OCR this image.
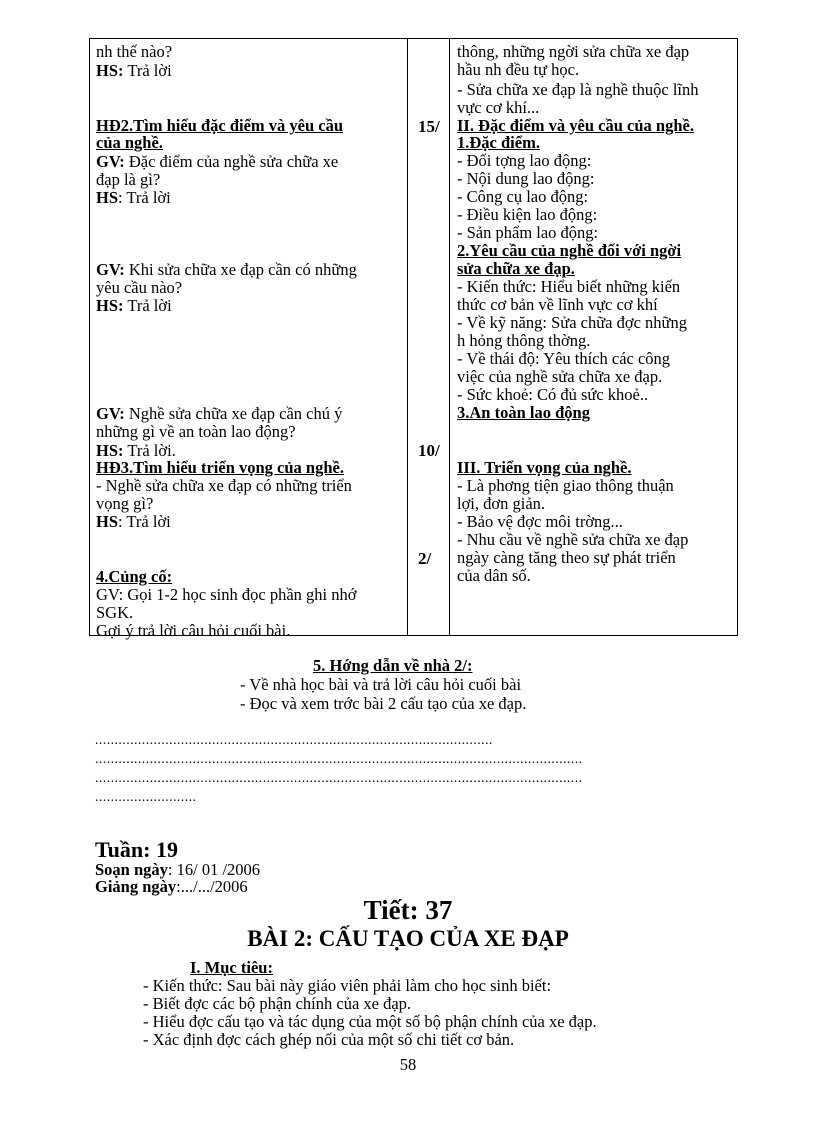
nh thế nào?
HS: Trả lời
HĐ2.Tìm hiểu đặc điểm và yêu cầu
của nghề.
GV: Đặc điểm của nghề sửa chữa xe
đạp là gì?
HS: Trả lời
GV: Khi sửa chữa xe đạp cần có những
yêu cầu nào?
HS: Trả lời
GV: Nghề sửa chữa xe đạp cần chú ý
những gì về an toàn lao động?
HS: Trả lời.
HĐ3.Tìm hiểu triển vọng của nghề.
- Nghề sửa chữa xe đạp có những triển
vọng gì?
HS: Trả lời
4.Củng cố:
GV: Gọi 1-2 học sinh đọc phần ghi nhớ
SGK.
Gợi ý trả lời câu hỏi cuối bài.
15/
10/
2/
thông, những ngời sửa chữa xe đạp
hầu nh đều tự học.
- Sửa chữa xe đạp là nghề thuộc lĩnh
vực cơ khí...
II. Đặc điểm và yêu cầu của nghề.
1.Đặc điểm.
- Đối tợng lao động:
- Nội dung lao động:
- Công cụ lao động:
- Điều kiện lao động:
- Sản phẩm lao động:
2.Yêu cầu của nghề đối với ngời
sửa chữa xe đạp.
- Kiến thức: Hiểu biết những kiến
thức cơ bản về lĩnh vực cơ khí
- Về kỹ năng: Sửa chữa đợc những
h hỏng thông thờng.
- Về thái độ: Yêu thích các công
việc của nghề sửa chữa xe đạp.
- Sức khoẻ: Có đủ sức khoẻ..
3.An toàn lao động
III. Triển vọng của nghề.
- Là phơng tiện giao thông thuận
lợi, đơn giản.
- Bảo vệ đợc môi trờng...
- Nhu cầu về nghề sửa chữa xe đạp
ngày càng tăng theo sự phát triển
của dân số.
5. Hớng dẫn về nhà 2/:
- Về nhà học bài và trả lời câu hỏi cuối bài
- Đọc và xem trớc bài 2 cấu tạo của xe đạp.
......................................................................................................
.............................................................................................................................
.............................................................................................................................
..........................
Tuần: 19
Soạn ngày: 16/ 01 /2006
Giảng ngày:.../.../2006
Tiết: 37
BÀI 2: CẤU TẠO CỦA XE ĐẠP
I. Mục tiêu:
- Kiến thức: Sau bài này giáo viên phải làm cho học sinh biết:
- Biết đợc các bộ phận chính của xe đạp.
- Hiểu đợc cấu tạo và tác dụng của một số bộ phận chính của xe đạp.
- Xác định đợc cách ghép nối của một số chi tiết cơ bản.
58
